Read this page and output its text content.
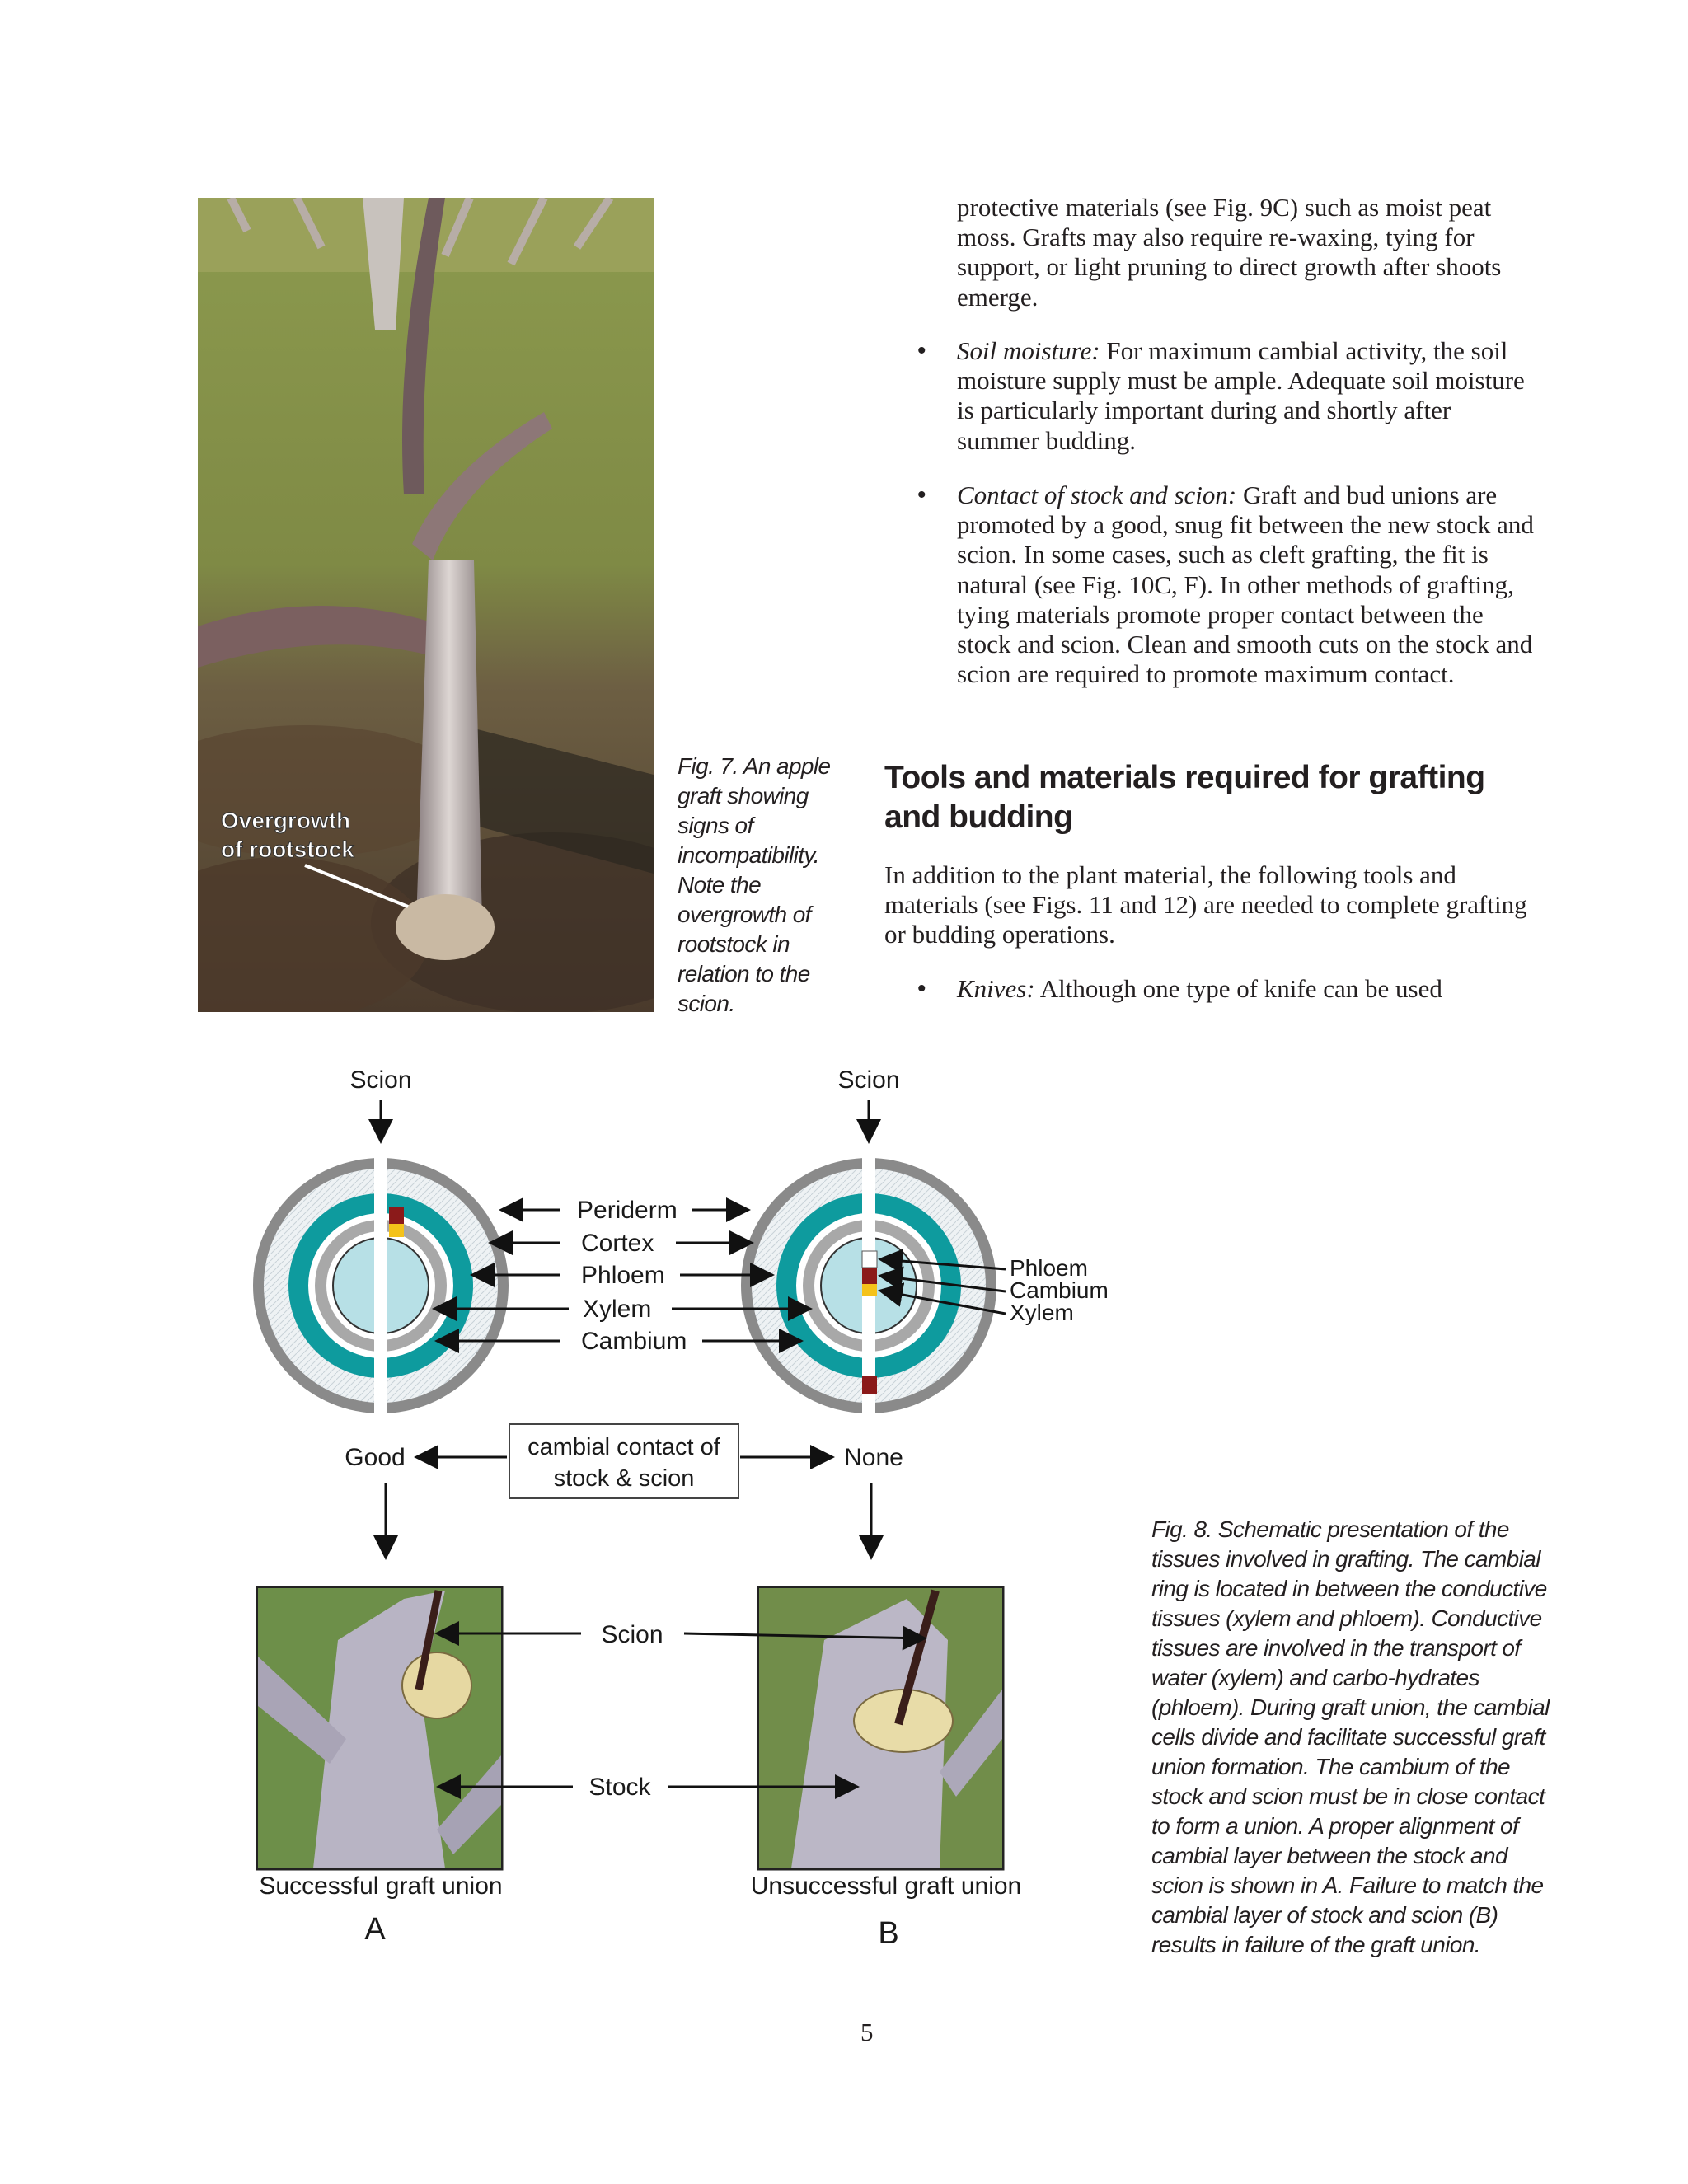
Overgrowth of rootstock
Fig. 7. An apple graft showing signs of incompatibility. Note the overgrowth of rootstock in relation to the scion.
protective materials (see Fig. 9C) such as moist peat moss. Grafts may also require re-waxing, tying for support, or light pruning to direct growth after shoots emerge.
• Soil moisture: For maximum cambial activity, the soil moisture supply must be ample. Adequate soil moisture is particularly important during and shortly after summer budding.
• Contact of stock and scion: Graft and bud unions are promoted by a good, snug fit between the new stock and scion. In some cases, such as cleft grafting, the fit is natural (see Fig. 10C, F). In other methods of grafting, tying materials promote proper contact between the stock and scion. Clean and smooth cuts on the stock and scion are required to promote maximum contact.
Tools and materials required for grafting and budding
In addition to the plant material, the following tools and materials (see Figs. 11 and 12) are needed to complete grafting or budding operations.
• Knives: Although one type of knife can be used
Scion	Scion
Periderm
Cortex
Phloem
Xylem
Cambium
Phloem
Cambium
Xylem
cambial contact of
stock & scion
Good	None
Scion
Stock
Successful graft union	Unsuccessful graft union
A	B
Fig. 8. Schematic presentation of the tissues involved in grafting. The cambial ring is located in between the conductive tissues (xylem and phloem). Conductive tissues are involved in the transport of water (xylem) and carbo-hydrates (phloem). During graft union, the cambial cells divide and facilitate successful graft union formation. The cambium of the stock and scion must be in close contact to form a union. A proper alignment of cambial layer between the stock and scion is shown in A. Failure to match the cambial layer of stock and scion (B) results in failure of the graft union.
5
